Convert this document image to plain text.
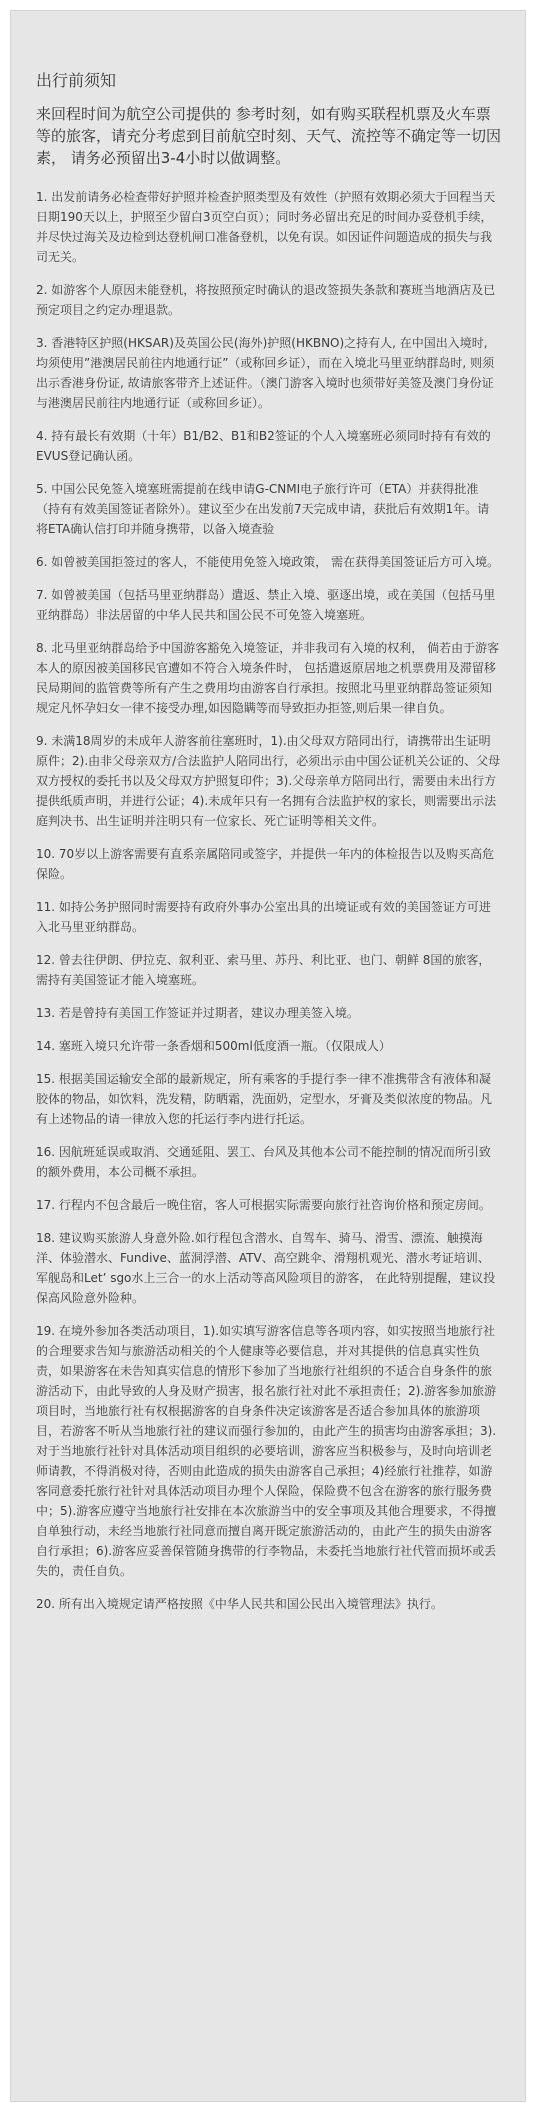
出行前须知
来回程时间为航空公司提供的 参考时刻，如有购买联程机票及火车票等的旅客，请充分考虑到目前航空时刻、天气、流控等不确定等一切因素， 请务必预留出3-4小时以做调整。

1. 出发前请务必检查带好护照并检查护照类型及有效性（护照有效期必须大于回程当天日期190天以上，护照至少留白3页空白页）；同时务必留出充足的时间办妥登机手续，并尽快过海关及边检到达登机闸口准备登机，以免有误。如因证件问题造成的损失与我司无关。

2. 如游客个人原因未能登机，将按照预定时确认的退改签损失条款和赛班当地酒店及已预定项目之约定办理退款。

3. 香港特区护照(HKSAR)及英国公民(海外)护照(HKBNO)之持有人, 在中国出入境时, 均须使用”港澳居民前往内地通行证”（或称回乡证），而在入境北马里亚纳群岛时, 则须出示香港身份证, 故请旅客带齐上述证件。（澳门游客入境时也须带好美签及澳门身份证与港澳居民前往内地通行证（或称回乡证）。

4. 持有最长有效期（十年）B1/B2、B1和B2签证的个人入境塞班必须同时持有有效的EVUS登记确认函。

5. 中国公民免签入境塞班需提前在线申请G-CNMI电子旅行许可（ETA）并获得批准（持有有效美国签证者除外）。建议至少在出发前7天完成申请，获批后有效期1年。请将ETA确认信打印并随身携带，以备入境查验

6. 如曾被美国拒签过的客人，不能使用免签入境政策， 需在获得美国签证后方可入境。

7. 如曾被美国（包括马里亚纳群岛）遣返、禁止入境、驱逐出境，或在美国（包括马里亚纳群岛）非法居留的中华人民共和国公民不可免签入境塞班。

8. 北马里亚纳群岛给予中国游客豁免入境签证，并非我司有入境的权利， 倘若由于游客本人的原因被美国移民官遭如不符合入境条件时， 包括遣返原居地之机票费用及滞留移民局期间的监管费等所有产生之费用均由游客自行承担。按照北马里亚纳群岛签证须知规定凡怀孕妇女一律不接受办理,如因隐瞒等而导致拒办拒签,则后果一律自负。

9. 未满18周岁的未成年人游客前往塞班时，1).由父母双方陪同出行，请携带出生证明原件；2).由非父母亲双方/合法监护人陪同出行，必须出示由中国公证机关公证的、父母双方授权的委托书以及父母双方护照复印件；3).父母亲单方陪同出行，需要由未出行方提供纸质声明，并进行公证；4).未成年只有一名拥有合法监护权的家长，则需要出示法庭判决书、出生证明并注明只有一位家长、死亡证明等相关文件。

10. 70岁以上游客需要有直系亲属陪同或签字，并提供一年内的体检报告以及购买高危保险。

11. 如持公务护照同时需要持有政府外事办公室出具的出境证或有效的美国签证方可进入北马里亚纳群岛。

12. 曾去往伊朗、伊拉克、叙利亚、索马里、苏丹、利比亚、也门、朝鲜 8国的旅客，需持有美国签证才能入境塞班。

13. 若是曾持有美国工作签证并过期者，建议办理美签入境。

14. 塞班入境只允许带一条香烟和500ml低度酒一瓶。（仅限成人）

15. 根据美国运输安全部的最新规定，所有乘客的手提行李一律不准携带含有液体和凝胶体的物品，如饮料，洗发精，防晒霜，洗面奶，定型水，牙膏及类似浓度的物品。凡有上述物品的请一律放入您的托运行李内进行托运。

16. 因航班延误或取消、交通延阻、罢工、台风及其他本公司不能控制的情况而所引致的额外费用，本公司概不承担。

17. 行程内不包含最后一晚住宿，客人可根据实际需要向旅行社咨询价格和预定房间。

18. 建议购买旅游人身意外险.如行程包含潜水、自驾车、骑马、滑雪、漂流、触摸海洋、体验潜水、Fundive、蓝洞浮潜、ATV、高空跳伞、滑翔机观光、潜水考证培训、军舰岛和Let’ sgo水上三合一的水上活动等高风险项目的游客， 在此特别提醒，建议投保高风险意外险种。

19. 在境外参加各类活动项目，1).如实填写游客信息等各项内容，如实按照当地旅行社的合理要求告知与旅游活动相关的个人健康等必要信息，并对其提供的信息真实性负责，如果游客在未告知真实信息的情形下参加了当地旅行社组织的不适合自身条件的旅游活动下，由此导致的人身及财产损害，报名旅行社对此不承担责任；2).游客参加旅游项目时，当地旅行社有权根据游客的自身条件决定该游客是否适合参加具体的旅游项目，若游客不听从当地旅行社的建议而强行参加的，由此产生的损害均由游客承担；3).对于当地旅行社针对具体活动项目组织的必要培训，游客应当积极参与，及时向培训老师请教，不得消极对待，否则由此造成的损失由游客自己承担；4)经旅行社推荐，如游客同意委托旅行社针对具体活动项目办理个人保险，保险费不包含在游客的旅行服务费中；5).游客应遵守当地旅行社安排在本次旅游当中的安全事项及其他合理要求，不得擅自单独行动，未经当地旅行社同意而擅自离开既定旅游活动的，由此产生的损失由游客自行承担；6).游客应妥善保管随身携带的行李物品，未委托当地旅行社代管而损坏或丢失的，责任自负。

20. 所有出入境规定请严格按照《中华人民共和国公民出入境管理法》执行。
